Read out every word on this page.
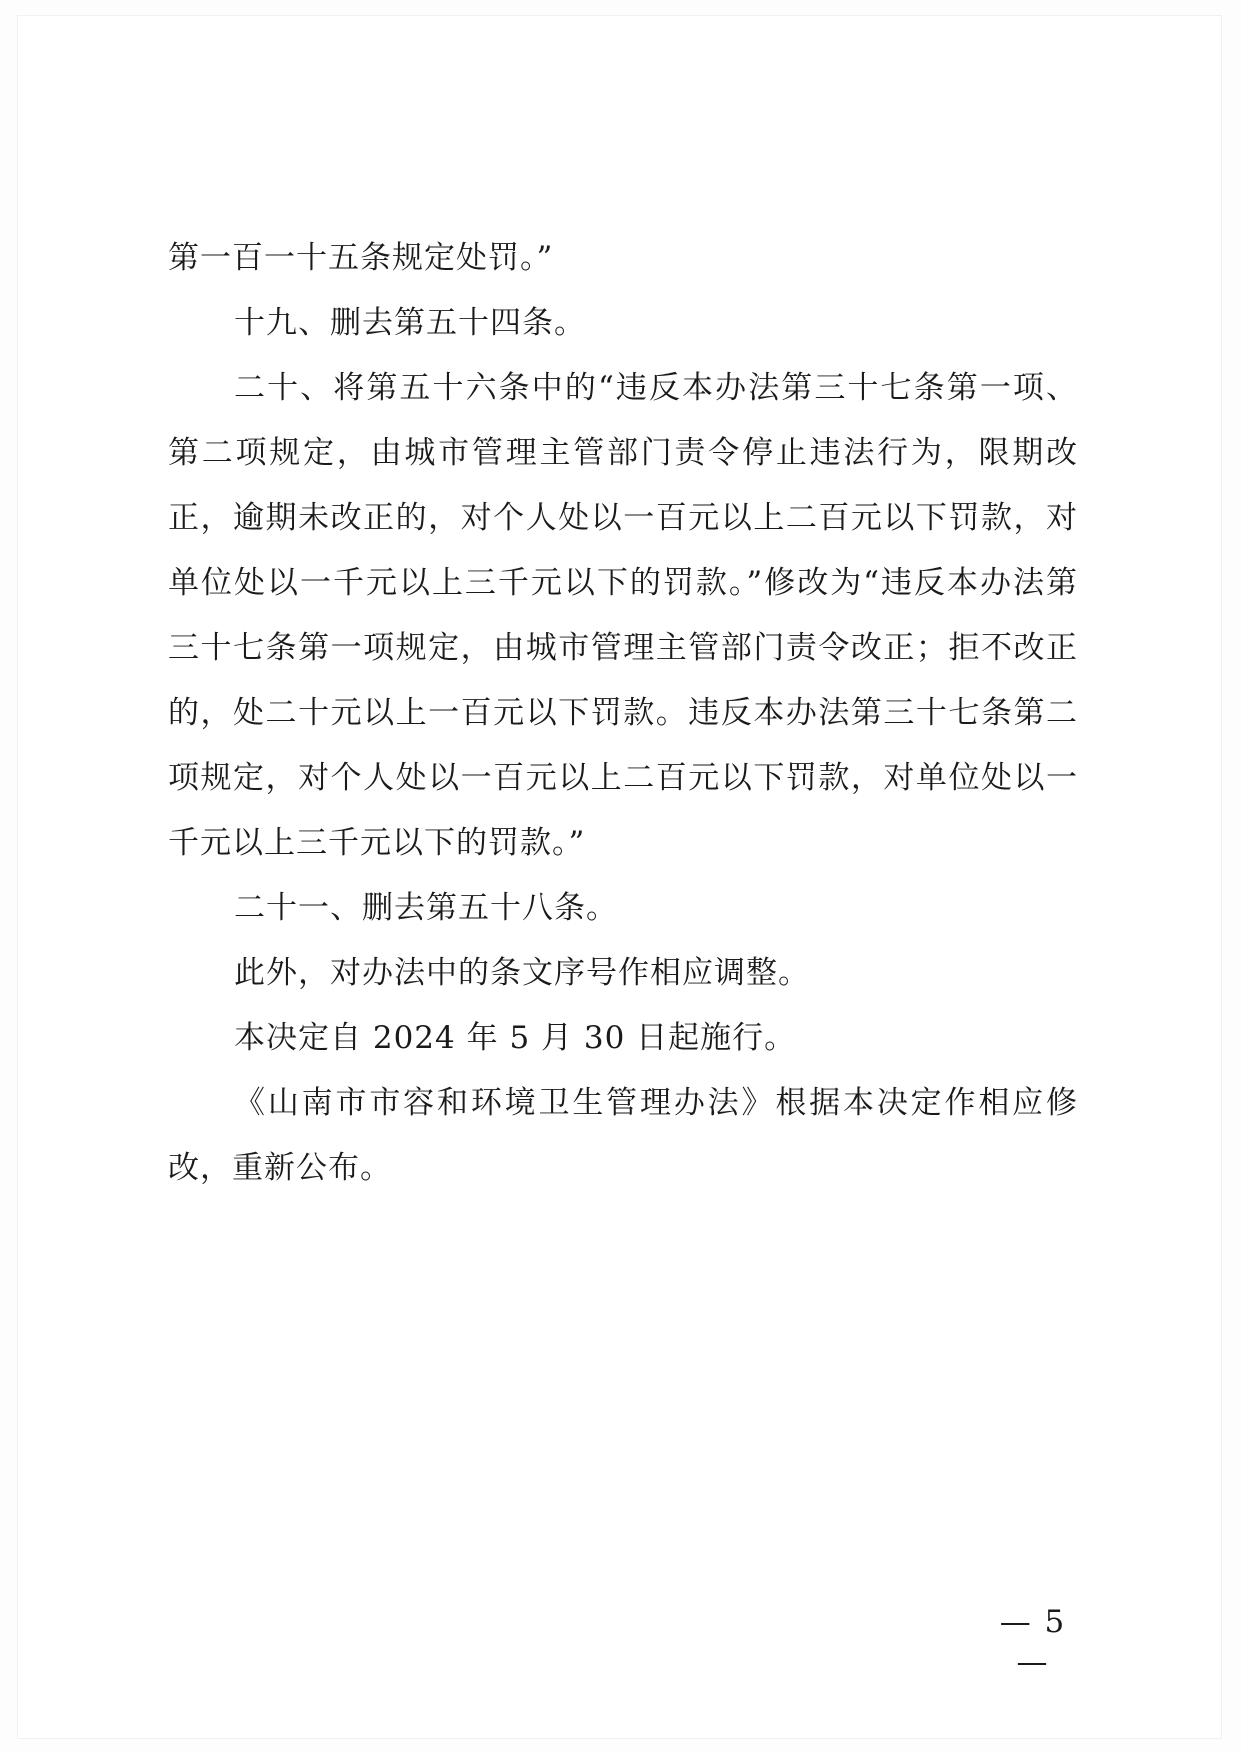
第一百一十五条规定处罚。”

十九、删去第五十四条。

二十、将第五十六条中的“违反本办法第三十七条第一项、第二项规定，由城市管理主管部门责令停止违法行为，限期改正，逾期未改正的，对个人处以一百元以上二百元以下罚款，对单位处以一千元以上三千元以下的罚款。”修改为“违反本办法第三十七条第一项规定，由城市管理主管部门责令改正；拒不改正的，处二十元以上一百元以下罚款。违反本办法第三十七条第二项规定，对个人处以一百元以上二百元以下罚款，对单位处以一千元以上三千元以下的罚款。”

二十一、删去第五十八条。

此外，对办法中的条文序号作相应调整。

本决定自 2024 年 5 月 30 日起施行。

《山南市市容和环境卫生管理办法》根据本决定作相应修改，重新公布。

— 5 —
